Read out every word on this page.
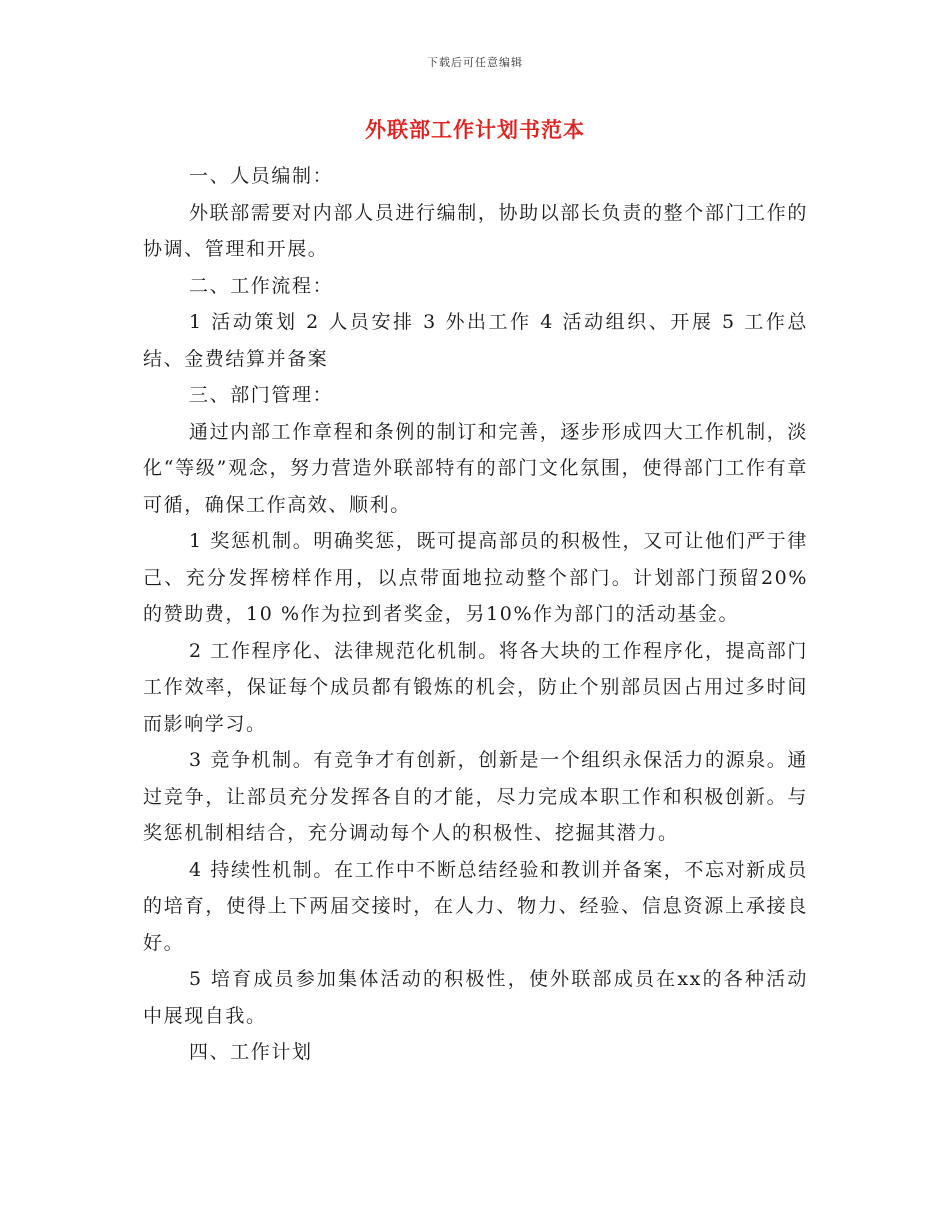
下载后可任意编辑
外联部工作计划书范本

一、人员编制：

外联部需要对内部人员进行编制，协助以部长负责的整个部门工作的协调、管理和开展。

二、工作流程：

1 活动策划 2 人员安排 3 外出工作 4 活动组织、开展 5 工作总结、金费结算并备案

三、部门管理：

通过内部工作章程和条例的制订和完善，逐步形成四大工作机制，淡化“等级”观念，努力营造外联部特有的部门文化氛围，使得部门工作有章可循，确保工作高效、顺利。

1 奖惩机制。明确奖惩，既可提高部员的积极性，又可让他们严于律己、充分发挥榜样作用，以点带面地拉动整个部门。计划部门预留20%的赞助费，10 %作为拉到者奖金，另10%作为部门的活动基金。

2 工作程序化、法律规范化机制。将各大块的工作程序化，提高部门工作效率，保证每个成员都有锻炼的机会，防止个别部员因占用过多时间而影响学习。

3 竞争机制。有竞争才有创新，创新是一个组织永保活力的源泉。通过竞争，让部员充分发挥各自的才能，尽力完成本职工作和积极创新。与奖惩机制相结合，充分调动每个人的积极性、挖掘其潜力。

4 持续性机制。在工作中不断总结经验和教训并备案，不忘对新成员的培育，使得上下两届交接时，在人力、物力、经验、信息资源上承接良好。

5 培育成员参加集体活动的积极性，使外联部成员在xx的各种活动中展现自我。

四、工作计划
